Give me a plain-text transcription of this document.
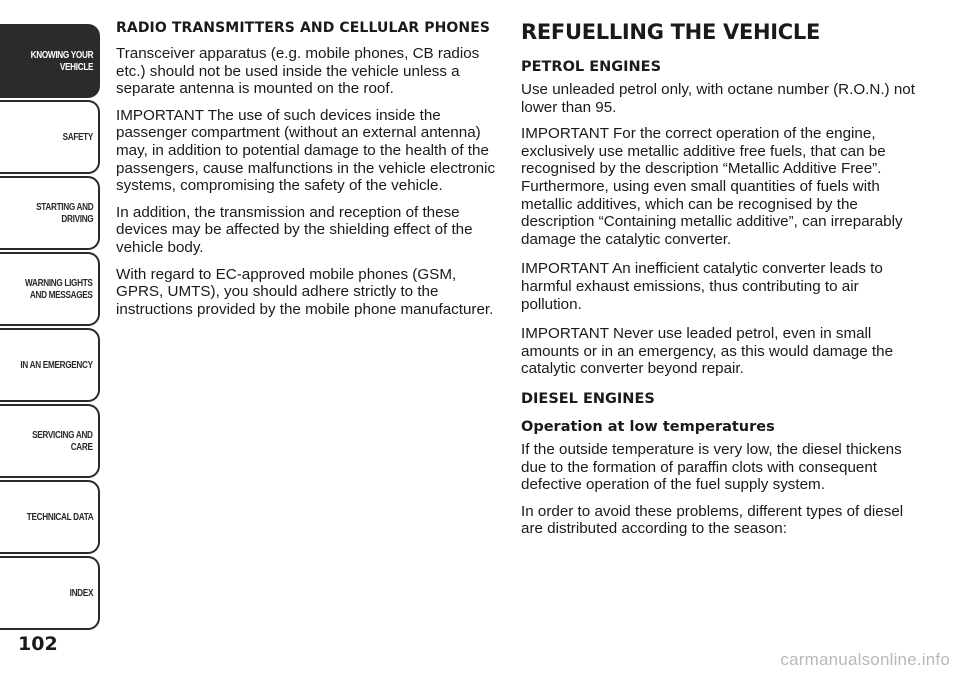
KNOWING YOUR
VEHICLE
SAFETY
STARTING AND
DRIVING
WARNING LIGHTS
AND MESSAGES
IN AN EMERGENCY
SERVICING AND
CARE
TECHNICAL DATA
INDEX
102
RADIO TRANSMITTERS AND CELLULAR PHONES

Transceiver apparatus (e.g. mobile phones, CB radios etc.) should not be used inside the vehicle unless a separate antenna is mounted on the roof.

IMPORTANT The use of such devices inside the passenger compartment (without an external antenna) may, in addition to potential damage to the health of the passengers, cause malfunctions in the vehicle electronic systems, compromising the safety of the vehicle.

In addition, the transmission and reception of these devices may be affected by the shielding effect of the vehicle body.

With regard to EC-approved mobile phones (GSM, GPRS, UMTS), you should adhere strictly to the instructions provided by the mobile phone manufacturer.

REFUELLING THE VEHICLE
PETROL ENGINES

Use unleaded petrol only, with octane number (R.O.N.) not lower than 95.

IMPORTANT For the correct operation of the engine, exclusively use metallic additive free fuels, that can be recognised by the description “Metallic Additive Free”. Furthermore, using even small quantities of fuels with metallic additives, which can be recognised by the description “Containing metallic additive”, can irreparably damage the catalytic converter.

IMPORTANT An inefficient catalytic converter leads to harmful exhaust emissions, thus contributing to air pollution.

IMPORTANT Never use leaded petrol, even in small amounts or in an emergency, as this would damage the catalytic converter beyond repair.

DIESEL ENGINES
Operation at low temperatures

If the outside temperature is very low, the diesel thickens due to the formation of paraffin clots with consequent defective operation of the fuel supply system.

In order to avoid these problems, different types of diesel are distributed according to the season:

carmanualsonline.info
